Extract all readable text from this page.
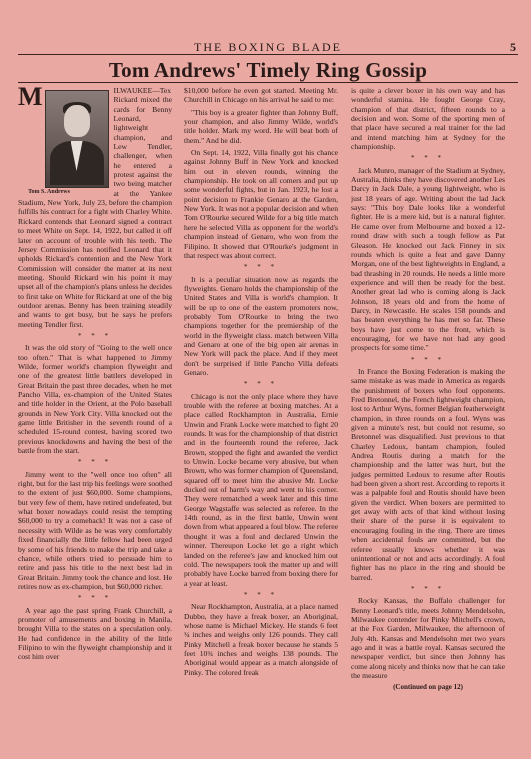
THE BOXING BLADE	5
Tom Andrews' Timely Ring Gossip

M
Tom S. Andrews
ILWAUKEE—Tex Rickard mixed the cards for Benny Leonard, lightweight champion, and Lew Tendler, challenger, when he entered a protest against the two being matcher at the Yankee Stadium, New York, July 23, before the champion fulfills his contract for a fight with Charley White. Rickard contends that Leonard signed a contract to meet White on Sept. 14, 1922, but called it off later on account of trouble with his teeth. The Jersey Commission has notified Leonard that it upholds Rickard's contention and the New York Commission will consider the matter at its next meeting. Should Rickard win his point it may upset all of the champion's plans unless he decides to first take on White for Rickard at one of the big outdoor arenas. Benny has been training steadily and wants to get busy, but he says he prefers meeting Tendler first.

* * *

It was the old story of "Going to the well once too often." That is what happened to Jimmy Wilde, former world's champion flyweight and one of the greatest little battlers developed in Great Britain the past three decades, when he met Pancho Villa, ex-champion of the United States and title holder in the Orient, at the Polo baseball grounds in New York City. Villa knocked out the game little Britisher in the seventh round of a scheduled 15-round contest, having scored two previous knockdowns and having the best of the battle from the start.

* * *

Jimmy went to the "well once too often" all right, but for the last trip his feelings were soothed to the extent of just $60,000. Some champions, but very few of them, have retired undefeated, but what boxer nowadays could resist the tempting $60,000 to try a comeback! It was not a case of necessity with Wilde as he was very comfortably fixed financially the little fellow had been urged by some of his friends to make the trip and take a chance, while others tried to persuade him to retire and pass his title to the next best lad in Great Britain. Jimmy took the chance and lost. He retires now as ex-champion, but $60,000 richer.

* * *

A year ago the past spring Frank Churchill, a promoter of amusements and boxing in Manila, brought Villa to the states on a speculation only. He had confidence in the ability of the little Filipino to win the flyweight championship and it cost him over

$10,000 before he even got started. Meeting Mr. Churchill in Chicago on his arrival he said to me:

"This boy is a greater fighter than Johnny Buff, your champion, and also Jimmy Wilde, world's title holder. Mark my word. He will beat both of them." And he did.

On Sept. 14, 1922, Villa finally got his chance against Johnny Buff in New York and knocked him out in eleven rounds, winning the championship. He took on all comers and put up some wonderful fights, but in Jan. 1923, he lost a point decision to Frankie Genaro at the Garden, New York. It was not a popular decision and when Tom O'Rourke secured Wilde for a big title match here he selected Villa as opponent for the world's champion instead of Genaro, who won from the Filipino. It showed that O'Rourke's judgment in that respect was about correct.

* * *

It is a peculiar situation now as regards the flyweights. Genaro holds the championship of the United States and Villa is world's champion. It will be up to one of the eastern promoters now, probably Tom O'Rourke to bring the two champions together for the premiership of the world in the flyweight class. match between Villa and Genaro at one of the big open air arenas in New York will pack the place. And if they meet don't be surprised if little Pancho Villa defeats Genaro.

* * *

Chicago is not the only place where they have trouble with the referee at boxing matches. At a place called Rockhampton in Australia, Ernie Unwin and Frank Locke were matched to fight 20 rounds. It was for the championship of that district and in the fourteenth round the referee, Jack Brown, stopped the fight and awarded the verdict to Unwin. Locke became very abusive, but when Brown, who was former champion of Queensland, squared off to meet him the abusive Mr. Locke ducked out of harm's way and went to his corner. They were rematched a week later and this time George Wagstaffe was selected as referee. In the 14th round, as in the first battle, Unwin went down from what appeared a foul blow. The referee thought it was a foul and declared Unwin the winner. Thereupon Locke let go a right which landed on the referee's jaw and knocked him out cold. The newspapers took the matter up and will probably have Locke barred from boxing there for a year at least.

* * *

Near Rockhampton, Australia, at a place named Dubbo, they have a freak boxer, an Aboriginal, whose name is Michael Mickey. He stands 6 feet ¾ inches and weighs only 126 pounds. They call Pinky Mitchell a freak boxer because he stands 5 feet 10¾ inches and weighs 138 pounds. The Aboriginal would appear as a match alongside of Pinky. The colored freak

is quite a clever boxer in his own way and has wonderful stamina. He fought George Cray, champion of that district, fifteen rounds to a decision and won. Some of the sporting men of that place have secured a real trainer for the lad and intend matching him at Sydney for the championship.

* * *

Jack Munro, manager of the Stadium at Sydney, Australia, thinks they have discovered another Les Darcy in Jack Dale, a young lightweight, who is just 18 years of age. Writing about the lad Jack says: "This boy Dale looks like a wonderful fighter. He is a mere kid, but is a natural fighter. He came over from Melbourne and boxed a 12-round draw with such a tough fellow as Pat Gleason. He knocked out Jack Finney in six rounds which is quite a feat and gave Danny Morgan, one of the best lightweights in England, a bad thrashing in 20 rounds. He needs a little more experience and will then be ready for the best. Another great lad who is coming along is Jack Johnson, 18 years old and from the home of Darcy, in Newcastle. He scales 158 pounds and has beaten everything he has met so far. These boys have just come to the front, which is encouraging, for we have not had any good prospects for some time."

* * *

In France the Boxing Federation is making the same mistake as was made in America as regards the punishment of boxers who foul opponents. Fred Bretonnel, the French lightweight champion, lost to Arthur Wyns, former Belgian featherweight champion, in three rounds on a foul. Wyns was given a minute's rest, but could not resume, so Bretonnel was disqualified. Just previous to that Charley Ledoux, bantam champion, fouled Andrea Routis during a match for the championship and the latter was hurt, but the judges permitted Ledoux to resume after Routis had been given a short rest. According to reports it was a palpable foul and Routis should have been given the verdict. When boxers are permitted to get away with acts of that kind without losing their share of the purse it is equivalent to encouraging fouling in the ring. There are times when accidental fouls are committed, but the referee usually knows whether it was unintentional or not and acts accordingly. A foul fighter has no place in the ring and should be barred.

* * *

Rocky Kansas, the Buffalo challenger for Benny Leonard's title, meets Johnny Mendelsohn, Milwaukee contender for Pinky Mitchell's crown, at the Fox Garden, Milwaukee, the afternoon of July 4th. Kansas and Mendelsohn met two years ago and it was a battle royal. Kansas secured the newspaper verdict, but since then Johnny has come along nicely and thinks now that he can take the measure

(Continued on page 12)
